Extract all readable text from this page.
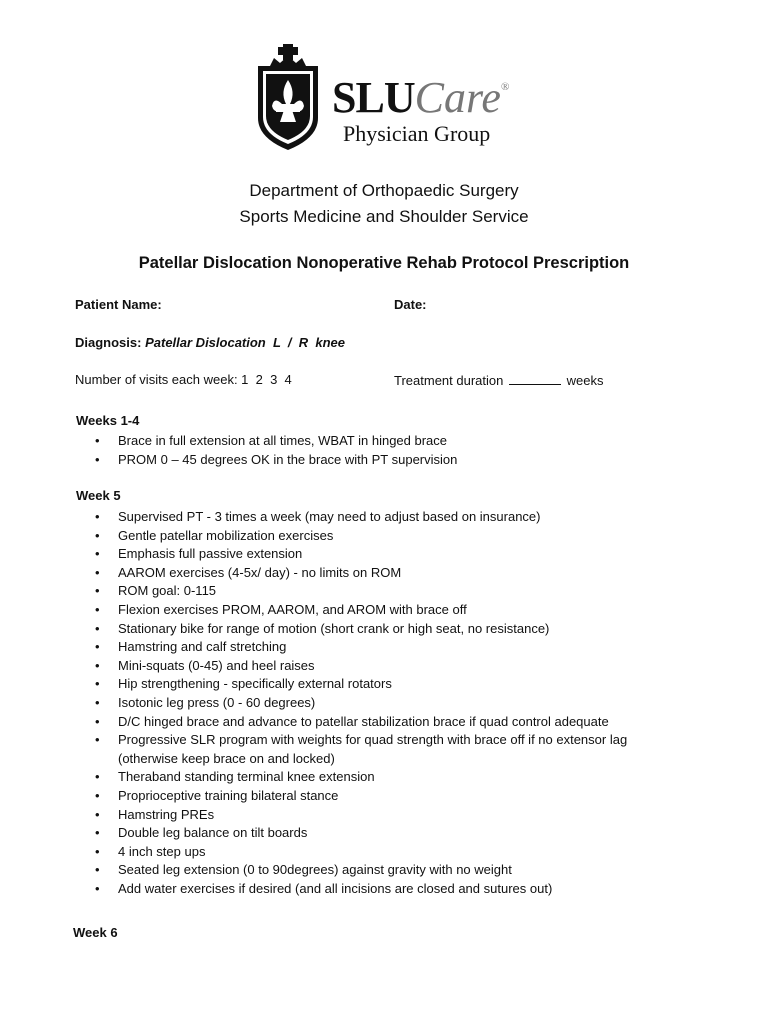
SLUCare®
Physician Group
Department of Orthopaedic Surgery
Sports Medicine and Shoulder Service
Patellar Dislocation Nonoperative Rehab Protocol Prescription
Patient Name:	Date:
Diagnosis: Patellar Dislocation  L  /  R  knee
Number of visits each week: 1  2  3  4	Treatment duration	weeks
Weeks 1-4
• Brace in full extension at all times, WBAT in hinged brace
• PROM 0 – 45 degrees OK in the brace with PT supervision
Week 5
• Supervised PT - 3 times a week (may need to adjust based on insurance)
• Gentle patellar mobilization exercises
• Emphasis full passive extension
• AAROM exercises (4-5x/ day) - no limits on ROM
• ROM goal: 0-115
• Flexion exercises PROM, AAROM, and AROM with brace off
• Stationary bike for range of motion (short crank or high seat, no resistance)
• Hamstring and calf stretching
• Mini-squats (0-45) and heel raises
• Hip strengthening - specifically external rotators
• Isotonic leg press (0 - 60 degrees)
• D/C hinged brace and advance to patellar stabilization brace if quad control adequate
• Progressive SLR program with weights for quad strength with brace off if no extensor lag (otherwise keep brace on and locked)
• Theraband standing terminal knee extension
• Proprioceptive training bilateral stance
• Hamstring PREs
• Double leg balance on tilt boards
• 4 inch step ups
• Seated leg extension (0 to 90degrees) against gravity with no weight
• Add water exercises if desired (and all incisions are closed and sutures out)
Week 6
